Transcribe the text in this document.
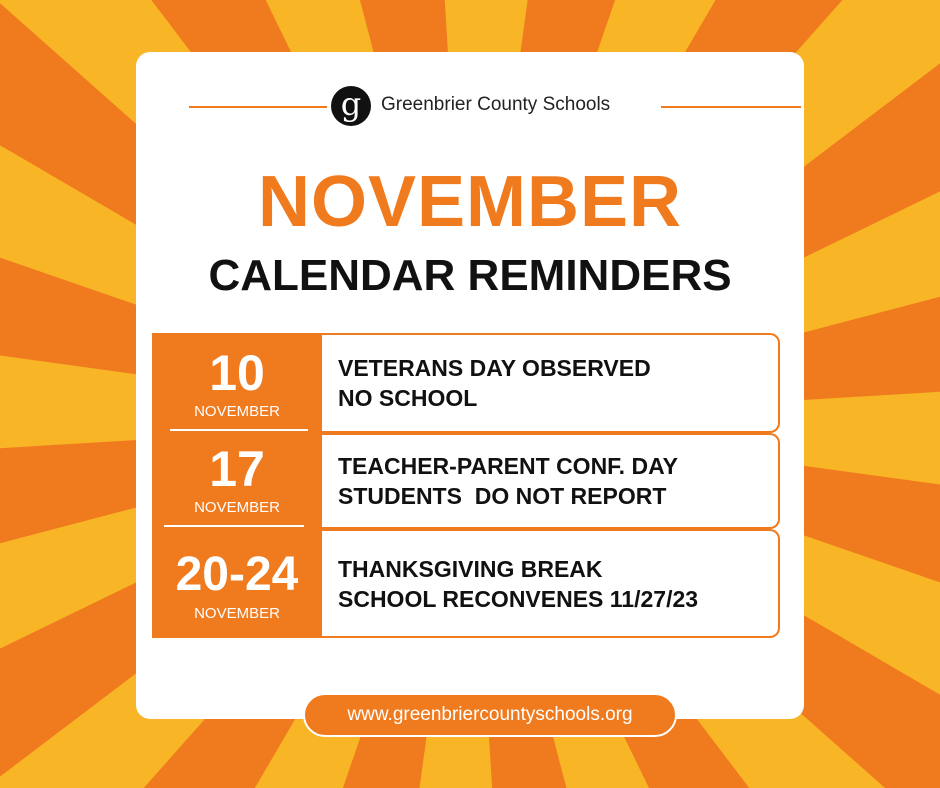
g Greenbrier County Schools
NOVEMBER
CALENDAR REMINDERS
10
NOVEMBER
17
NOVEMBER
20-24
NOVEMBER
VETERANS DAY OBSERVED
NO SCHOOL
TEACHER-PARENT CONF. DAY
STUDENTS  DO NOT REPORT
THANKSGIVING BREAK
SCHOOL RECONVENES 11/27/23
www.greenbriercountyschools.org
